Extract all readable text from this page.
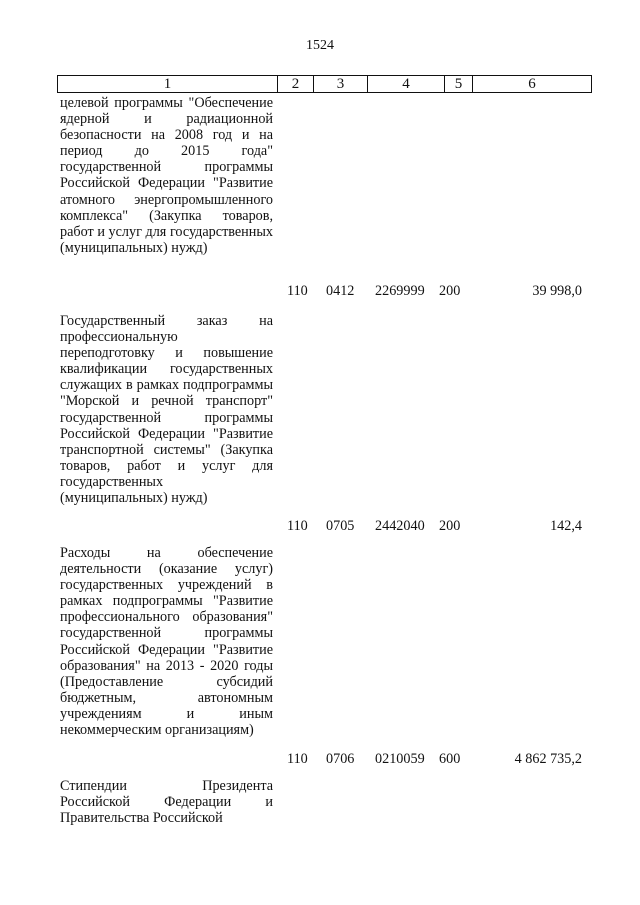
1524
1	2	3	4	5	6
целевой программы "Обеспечение ядерной и радиационной безопасности на 2008 год и на период до 2015 года" государственной программы Российской Федерации "Развитие атомного энергопромышленного комплекса" (Закупка товаров, работ и услуг для государственных (муниципальных) нужд)
110 0412 2269999 200	39 998,0
Государственный заказ на профессиональную переподготовку и повышение квалификации государственных служащих в рамках подпрограммы "Морской и речной транспорт" государственной программы Российской Федерации "Развитие транспортной системы" (Закупка товаров, работ и услуг для государственных (муниципальных) нужд)
110 0705 2442040 200	142,4
Расходы на обеспечение деятельности (оказание услуг) государственных учреждений в рамках подпрограммы "Развитие профессионального образования" государственной программы Российской Федерации "Развитие образования" на 2013 - 2020 годы (Предоставление субсидий бюджетным, автономным учреждениям и иным некоммерческим организациям)
110 0706 0210059 600	4 862 735,2
Стипендии Президента Российской Федерации и Правительства Российской
